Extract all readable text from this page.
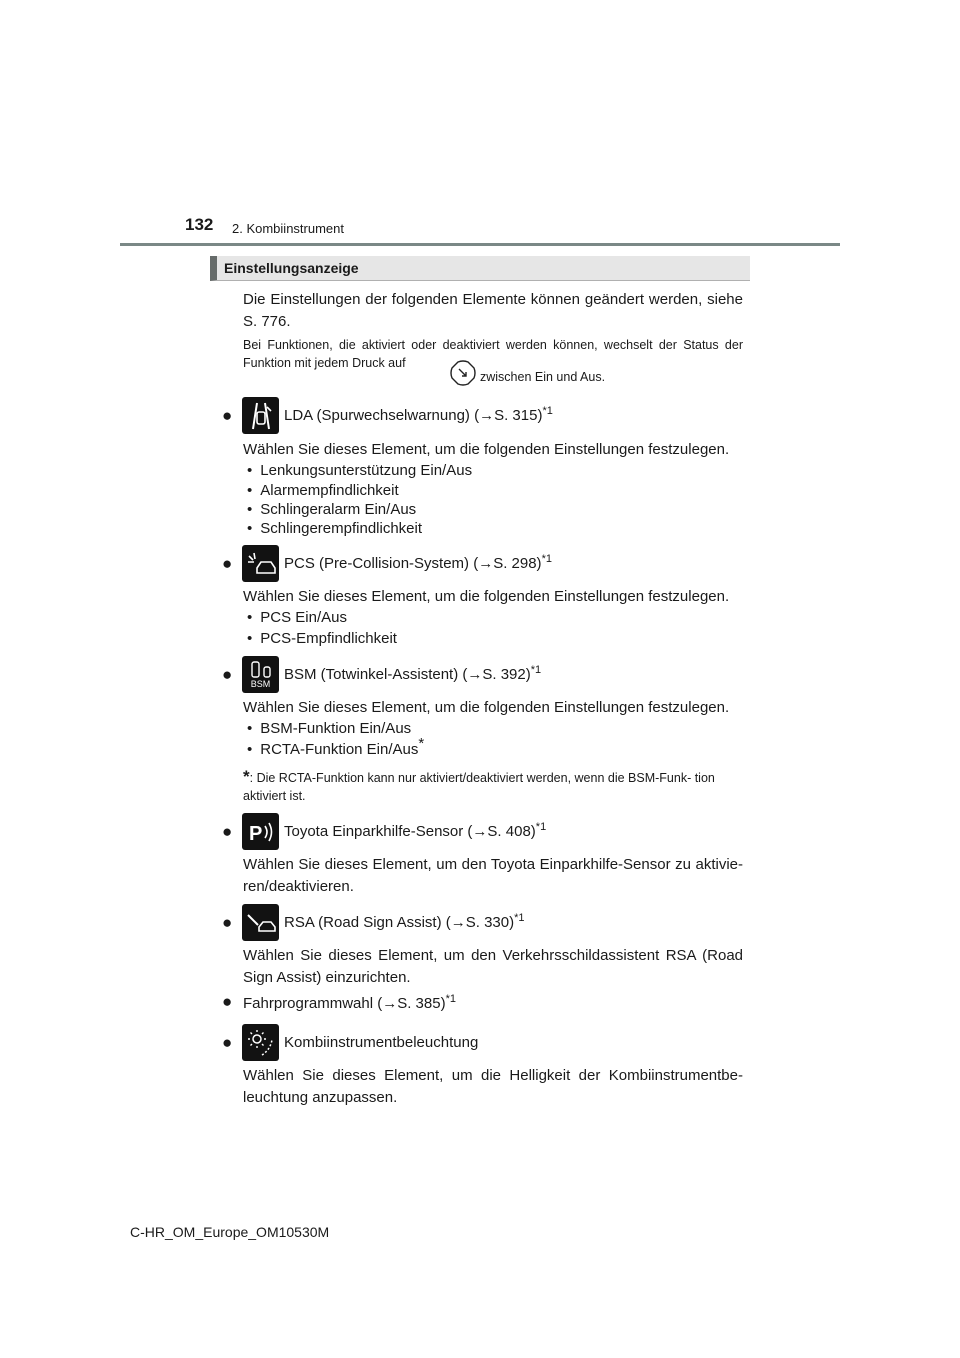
132 2. Kombiinstrument
Einstellungsanzeige
Die Einstellungen der folgenden Elemente können geändert werden, siehe S. 776.
Bei Funktionen, die aktiviert oder deaktiviert werden können, wechselt der Status der Funktion mit jedem Druck auf
zwischen Ein und Aus.
●	LDA (Spurwechselwarnung) (→S. 315)$^{*1}$
Wählen Sie dieses Element, um die folgenden Einstellungen festzulegen.
• Lenkungsunterstützung Ein/Aus
• Alarmempfindlichkeit
• Schlingeralarm Ein/Aus
• Schlingerempfindlichkeit
●	PCS (Pre-Collision-System) (→S. 298)$^{*1}$
Wählen Sie dieses Element, um die folgenden Einstellungen festzulegen.
• PCS Ein/Aus
• PCS-Empfindlichkeit
● BSM
BSM (Totwinkel-Assistent) (→S. 392)$^{*1}$
Wählen Sie dieses Element, um die folgenden Einstellungen festzulegen.
• BSM-Funktion Ein/Aus
• RCTA-Funktion Ein/Aus*
*: Die RCTA-Funktion kann nur aktiviert/deaktiviert werden, wenn die BSM-Funk- tion aktiviert ist.
● P Toyota Einparkhilfe-Sensor (→S. 408)$^{*1}$
Wählen Sie dieses Element, um den Toyota Einparkhilfe-Sensor zu aktivie- ren/deaktivieren.
●	RSA (Road Sign Assist) (→S. 330)$^{*1}$
Wählen Sie dieses Element, um den Verkehrsschildassistent RSA (Road Sign Assist) einzurichten.
● Fahrprogrammwahl (→S. 385)$^{*1}$
●	Kombiinstrumentbeleuchtung
Wählen Sie dieses Element, um die Helligkeit der Kombiinstrumentbe- leuchtung anzupassen.
C-HR_OM_Europe_OM10530M
